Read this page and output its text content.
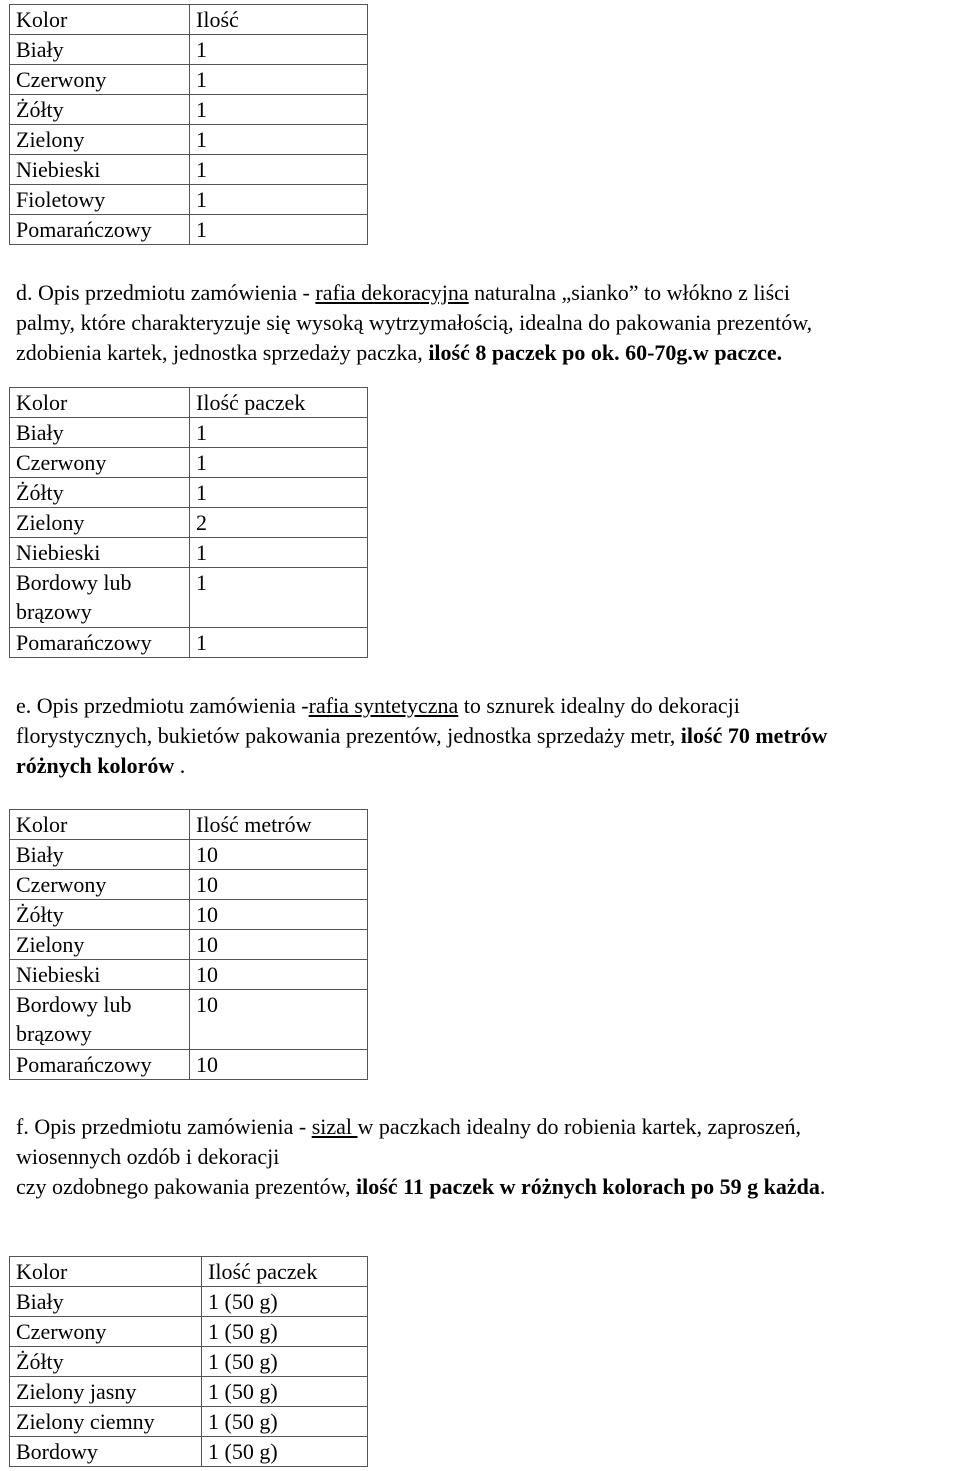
Kolor	Ilość
Biały	1
Czerwony	1
Żółty	1
Zielony	1
Niebieski	1
Fioletowy	1
Pomarańczowy	1
d. Opis przedmiotu zamówienia - rafia dekoracyjna naturalna „sianko” to włókno z liści
palmy, które charakteryzuje się wysoką wytrzymałością, idealna do pakowania prezentów,
zdobienia kartek, jednostka sprzedaży paczka, ilość 8 paczek po ok. 60-70g.w paczce.
Kolor	Ilość paczek
Biały	1
Czerwony	1
Żółty	1
Zielony	2
Niebieski	1
Bordowy lub brązowy	1
Pomarańczowy	1
e. Opis przedmiotu zamówienia -rafia syntetyczna to sznurek idealny do dekoracji
florystycznych, bukietów pakowania prezentów, jednostka sprzedaży metr, ilość 70 metrów
różnych kolorów .
Kolor	Ilość metrów
Biały	10
Czerwony	10
Żółty	10
Zielony	10
Niebieski	10
Bordowy lub brązowy	10
Pomarańczowy	10
f. Opis przedmiotu zamówienia - sizal w paczkach idealny do robienia kartek, zaproszeń,
wiosennych ozdób i dekoracji
czy ozdobnego pakowania prezentów, ilość 11 paczek w różnych kolorach po 59 g każda.
Kolor	Ilość paczek
Biały	1 (50 g)
Czerwony	1 (50 g)
Żółty	1 (50 g)
Zielony jasny	1 (50 g)
Zielony ciemny	1 (50 g)
Bordowy	1 (50 g)
